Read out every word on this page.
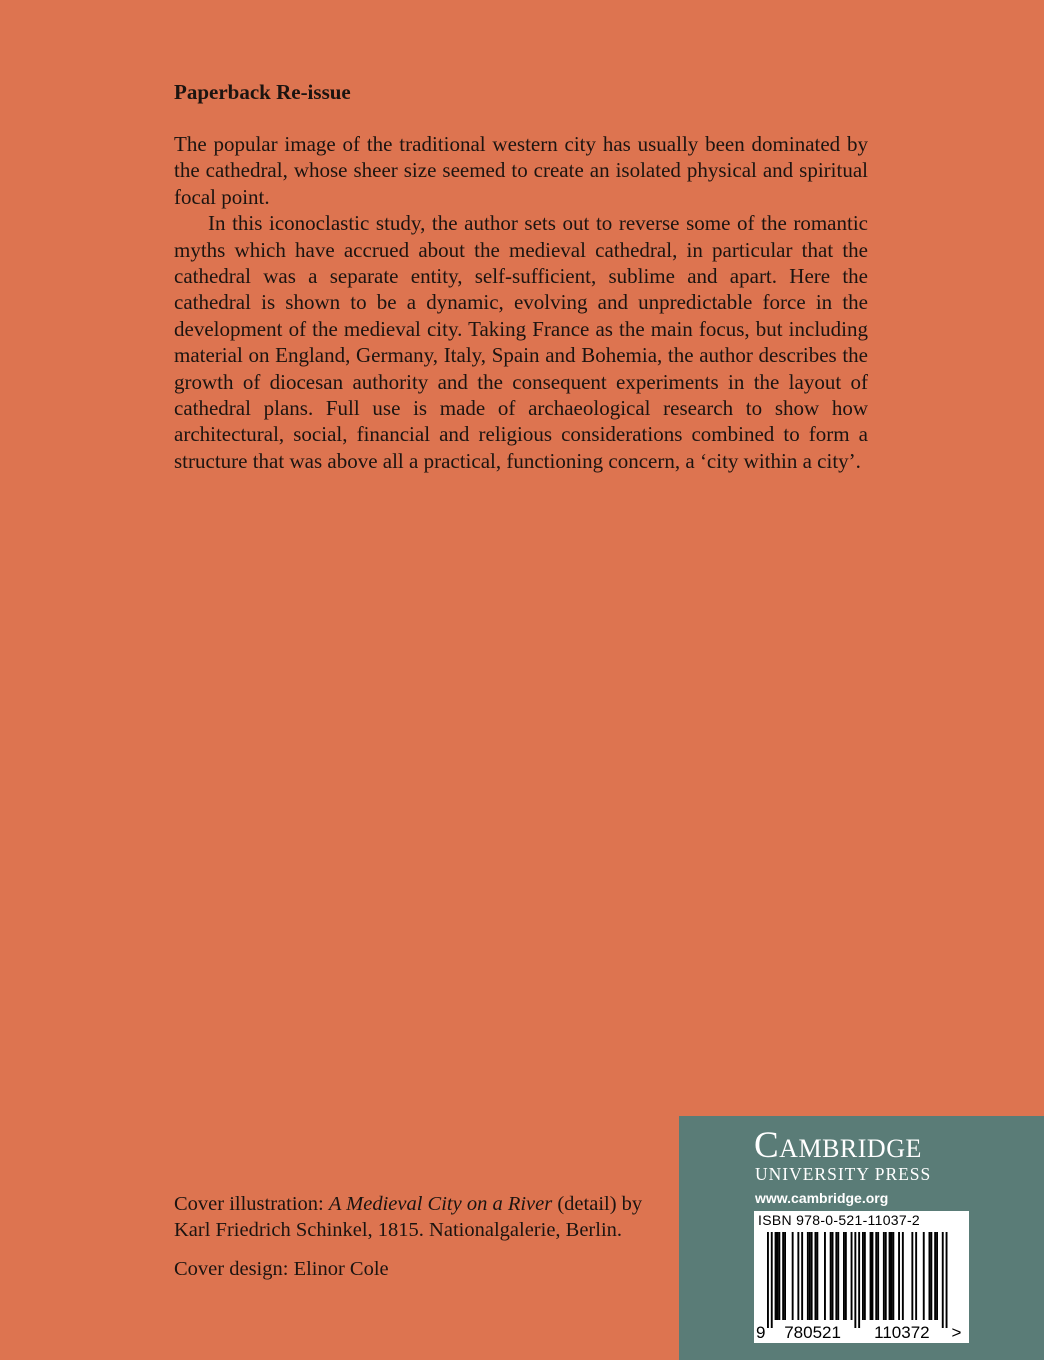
Paperback Re-issue

The popular image of the traditional western city has usually been dominated by the cathedral, whose sheer size seemed to create an isolated physical and spiritual focal point.

In this iconoclastic study, the author sets out to reverse some of the romantic myths which have accrued about the medieval cathedral, in particular that the cathedral was a separate entity, self-sufficient, sublime and apart. Here the cathedral is shown to be a dynamic, evolving and unpredictable force in the development of the medieval city. Taking France as the main focus, but including material on England, Germany, Italy, Spain and Bohemia, the author describes the growth of diocesan authority and the consequent experiments in the layout of cathedral plans. Full use is made of archaeological research to show how architectural, social, financial and religious considerations combined to form a structure that was above all a practical, functioning concern, a ‘city within a city’.

Cover illustration: A Medieval City on a River (detail) by Karl Friedrich Schinkel, 1815. Nationalgalerie, Berlin.

Cover design: Elinor Cole

Cambridge
UNIVERSITY PRESS
www.cambridge.org
9 780521 110372 >
ISBN 978-0-521-11037-2
